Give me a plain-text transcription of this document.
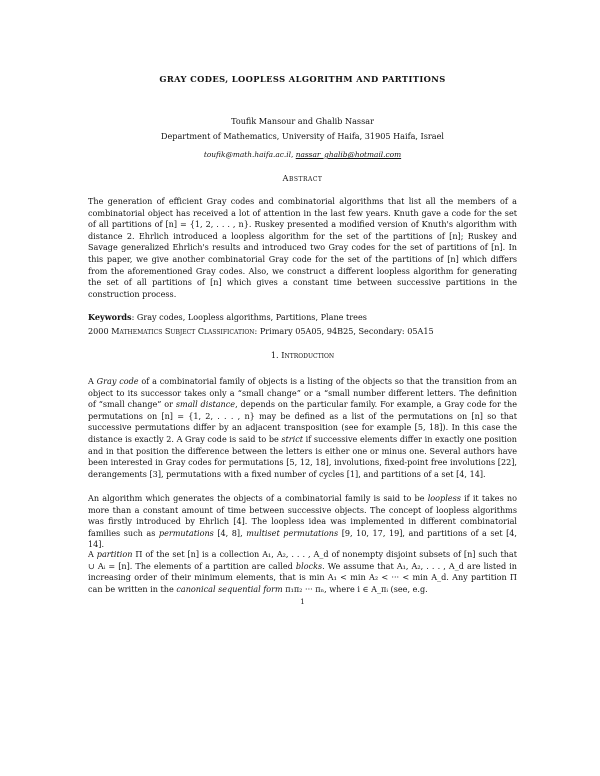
GRAY CODES, LOOPLESS ALGORITHM AND PARTITIONS
Toufik Mansour and Ghalib Nassar
Department of Mathematics, University of Haifa, 31905 Haifa, Israel
toufik@math.haifa.ac.il, nassar_ghalib@hotmail.com
Abstract
The generation of efficient Gray codes and combinatorial algorithms that list all the members of a combinatorial object has received a lot of attention in the last few years. Knuth gave a code for the set of all partitions of [n] = {1, 2, . . . , n}. Ruskey presented a modified version of Knuth's algorithm with distance 2. Ehrlich introduced a loopless algorithm for the set of the partitions of [n]; Ruskey and Savage generalized Ehrlich's results and introduced two Gray codes for the set of partitions of [n]. In this paper, we give another combinatorial Gray code for the set of the partitions of [n] which differs from the aforementioned Gray codes. Also, we construct a different loopless algorithm for generating the set of all partitions of [n] which gives a constant time between successive partitions in the construction process.
Keywords: Gray codes, Loopless algorithms, Partitions, Plane trees
2000 Mathematics Subject Classification: Primary 05A05, 94B25, Secondary: 05A15
1. Introduction
A Gray code of a combinatorial family of objects is a listing of the objects so that the transition from an object to its successor takes only a “small change” or a “small number different letters. The definition of “small change” or small distance, depends on the particular family. For example, a Gray code for the permutations on [n] = {1, 2, . . . , n} may be defined as a list of the permutations on [n] so that successive permutations differ by an adjacent transposition (see for example [5, 18]). In this case the distance is exactly 2. A Gray code is said to be strict if successive elements differ in exactly one position and in that position the difference between the letters is either one or minus one. Several authors have been interested in Gray codes for permutations [5, 12, 18], involutions, fixed-point free involutions [22], derangements [3], permutations with a fixed number of cycles [1], and partitions of a set [4, 14].
An algorithm which generates the objects of a combinatorial family is said to be loopless if it takes no more than a constant amount of time between successive objects. The concept of loopless algorithms was firstly introduced by Ehrlich [4]. The loopless idea was implemented in different combinatorial families such as permutations [4, 8], multiset permutations [9, 10, 17, 19], and partitions of a set [4, 14].
A partition Π of the set [n] is a collection A₁, A₂, . . . , A_d of nonempty disjoint subsets of [n] such that ∪ Aᵢ = [n]. The elements of a partition are called blocks. We assume that A₁, A₂, . . . , A_d are listed in increasing order of their minimum elements, that is min A₁ < min A₂ < ··· < min A_d. Any partition Π can be written in the canonical sequential form π₁π₂ ··· πₙ, where i ∈ A_πᵢ (see, e.g.
1
